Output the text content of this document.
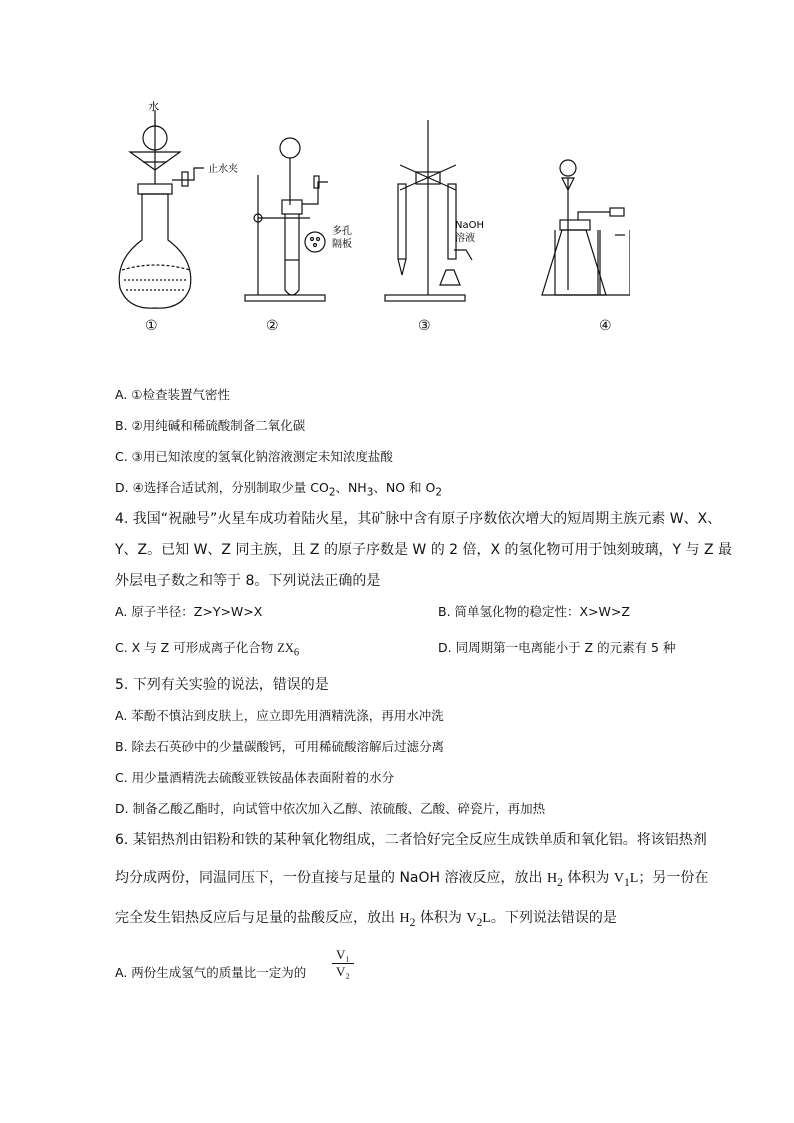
水
止水夹
多孔
隔板
NaOH
溶液
①	②	③	④
A. ①检查装置气密性
B. ②用纯碱和稀硫酸制备二氧化碳
C. ③用已知浓度的氢氧化钠溶液测定未知浓度盐酸
D. ④选择合适试剂，分别制取少量 $CO_2$、$NH_3$、NO 和 $O_2$
4. 我国“祝融号”火星车成功着陆火星，其矿脉中含有原子序数依次增大的短周期主族元素 W、X、
Y、Z。已知 W、Z 同主族，且 Z 的原子序数是 W 的 2 倍，X 的氢化物可用于蚀刻玻璃，Y 与 Z 最
外层电子数之和等于 8。下列说法正确的是
A. 原子半径：Z>Y>W>X	B. 简单氢化物的稳定性：X>W>Z
C. X 与 Z 可形成离子化合物 $ZX_6$	D. 同周期第一电离能小于 Z 的元素有 5 种
5. 下列有关实验的说法，错误的是
A. 苯酚不慎沾到皮肤上，应立即先用酒精洗涤，再用水冲洗
B. 除去石英砂中的少量碳酸钙，可用稀硫酸溶解后过滤分离
C. 用少量酒精洗去硫酸亚铁铵晶体表面附着的水分
D. 制备乙酸乙酯时，向试管中依次加入乙醇、浓硫酸、乙酸、碎瓷片，再加热
6. 某铝热剂由铝粉和铁的某种氧化物组成，二者恰好完全反应生成铁单质和氧化铝。将该铝热剂
均分成两份，同温同压下，一份直接与足量的 NaOH 溶液反应，放出 $H_2$ 体积为 $V_1L$；另一份在
完全发生铝热反应后与足量的盐酸反应，放出 $H_2$ 体积为 $V_2L$。下列说法错误的是
A. 两份生成氢气的质量比一定为的 $\frac{\text{V₁}}{\text{V₂}}$
